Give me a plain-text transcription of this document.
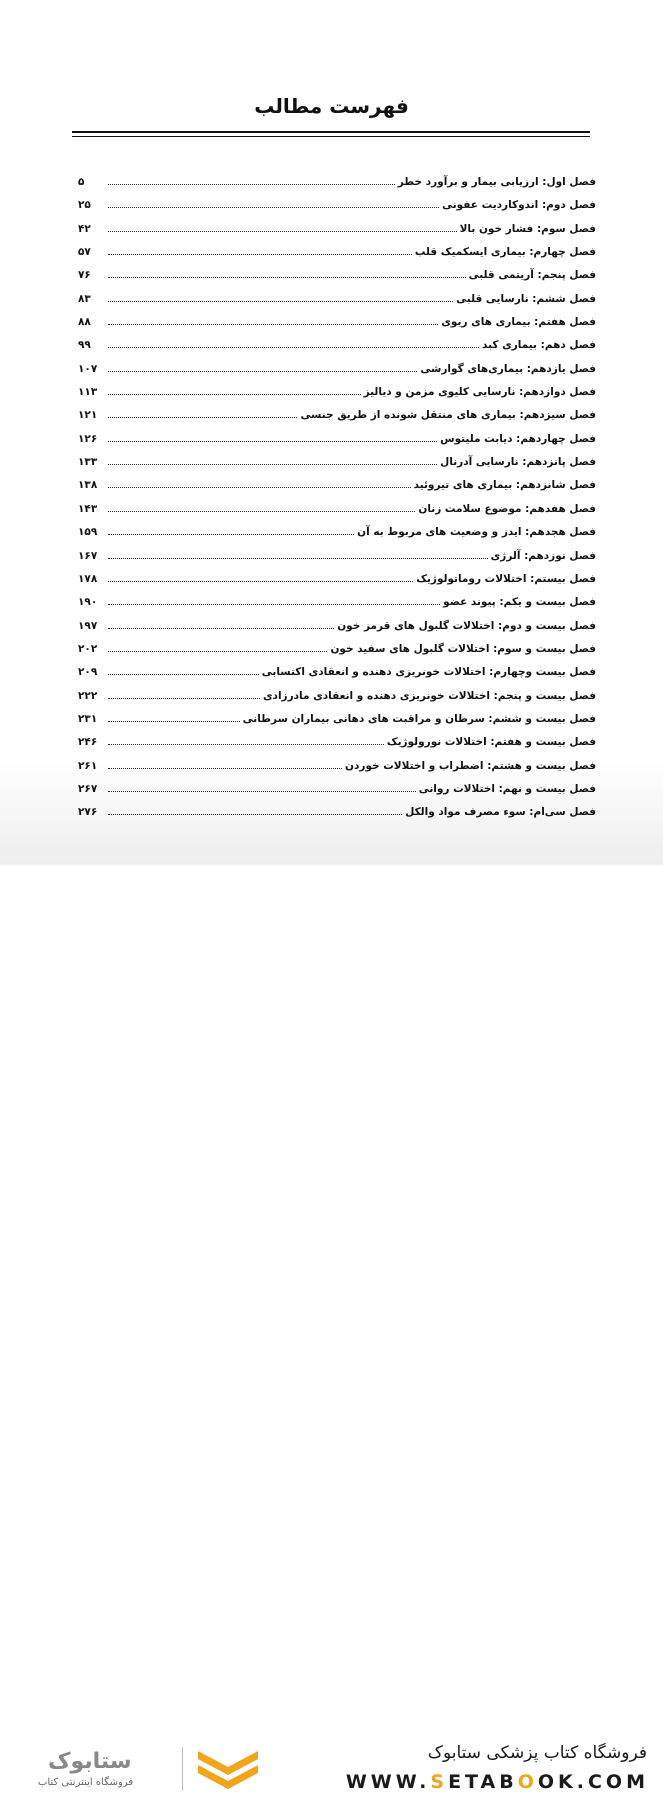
فهرست مطالب
فصل اول: ارزیابی بیمار و برآورد خطر
۵
فصل دوم: اندوکاردیت عفونی
۲۵
فصل سوم: فشار خون بالا
۴۲
فصل چهارم: بیماری ایسکمیک قلب
۵۷
فصل پنجم: آریتمی قلبی
۷۶
فصل ششم: نارسایی قلبی
۸۳
فصل هفتم: بیماری های ریوی
۸۸
فصل دهم: بیماری کبد
۹۹
فصل یازدهم: بیماری‌های گوارشی
۱۰۷
فصل دوازدهم: نارسایی کلیوی مزمن و دیالیز
۱۱۳
فصل سیزدهم: بیماری های منتقل شونده از طریق جنسی
۱۲۱
فصل چهاردهم: دیابت ملیتوس
۱۲۶
فصل پانزدهم: نارسایی آدرنال
۱۳۳
فصل شانزدهم: بیماری های تیروئید
۱۳۸
فصل هفدهم: موضوع سلامت زنان
۱۴۳
فصل هجدهم: ایدز و وضعیت های مربوط به آن
۱۵۹
فصل نوزدهم: آلرژی
۱۶۷
فصل بیستم: اختلالات روماتولوژیک
۱۷۸
فصل بیست و یکم: پیوند عضو
۱۹۰
فصل بیست و دوم: اختلالات گلبول های قرمز خون
۱۹۷
فصل بیست و سوم: اختلالات گلبول های سفید خون
۲۰۲
فصل بیست وچهارم: اختلالات خونریزی دهنده و انعقادی اکتسابی
۲۰۹
فصل بیست و پنجم: اختلالات خونریزی دهنده و انعقادی مادرزادی
۲۲۲
فصل بیست و ششم: سرطان و مراقبت های دهانی بیماران سرطانی
۲۳۱
فصل بیست و هفتم: اختلالات نورولوژیک
۲۴۶
فصل بیست و هشتم: اضطراب و اختلالات خوردن
۲۶۱
فصل بیست و نهم: اختلالات روانی
۲۶۷
فصل سی‌ام: سوء مصرف مواد والکل
۲۷۶
ستابوک
فروشگاه اینترنتی کتاب
فروشگاه کتاب پزشکی ستابوک
WWW.SETABOOK.COM
